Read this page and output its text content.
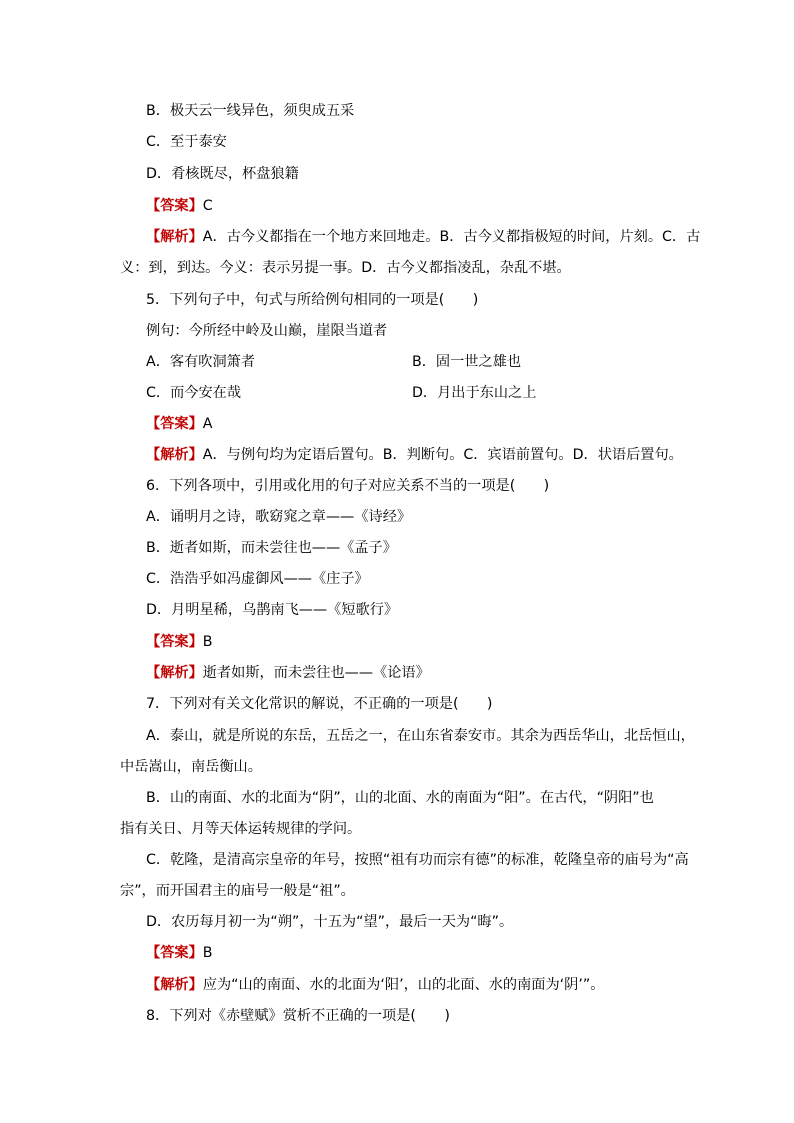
B．极天云一线异色，须臾成五采
C．至于泰安
D．肴核既尽，杯盘狼籍
【答案】C
【解析】A．古今义都指在一个地方来回地走。B．古今义都指极短的时间，片刻。C．古
义：到，到达。今义：表示另提一事。D．古今义都指凌乱，杂乱不堪。
5．下列句子中，句式与所给例句相同的一项是(　　)
例句：今所经中岭及山巅，崖限当道者
A．客有吹洞箫者	B．固一世之雄也
C．而今安在哉	D．月出于东山之上
【答案】A
【解析】A．与例句均为定语后置句。B．判断句。C．宾语前置句。D．状语后置句。
6．下列各项中，引用或化用的句子对应关系不当的一项是(　　)
A．诵明月之诗，歌窈窕之章——《诗经》
B．逝者如斯，而未尝往也——《孟子》
C．浩浩乎如冯虚御风——《庄子》
D．月明星稀，乌鹊南飞——《短歌行》
【答案】B
【解析】逝者如斯，而未尝往也——《论语》
7．下列对有关文化常识的解说，不正确的一项是(　　)
A．泰山，就是所说的东岳，五岳之一，在山东省泰安市。其余为西岳华山，北岳恒山，
中岳嵩山，南岳衡山。
B．山的南面、水的北面为“阴”，山的北面、水的南面为“阳”。在古代，“阴阳”也
指有关日、月等天体运转规律的学问。
C．乾隆，是清高宗皇帝的年号，按照“祖有功而宗有德”的标准，乾隆皇帝的庙号为“高
宗”，而开国君主的庙号一般是“祖”。
D．农历每月初一为“朔”，十五为“望”，最后一天为“晦”。
【答案】B
【解析】应为“山的南面、水的北面为‘阳’，山的北面、水的南面为‘阴’”。
8．下列对《赤壁赋》赏析不正确的一项是(　　)
